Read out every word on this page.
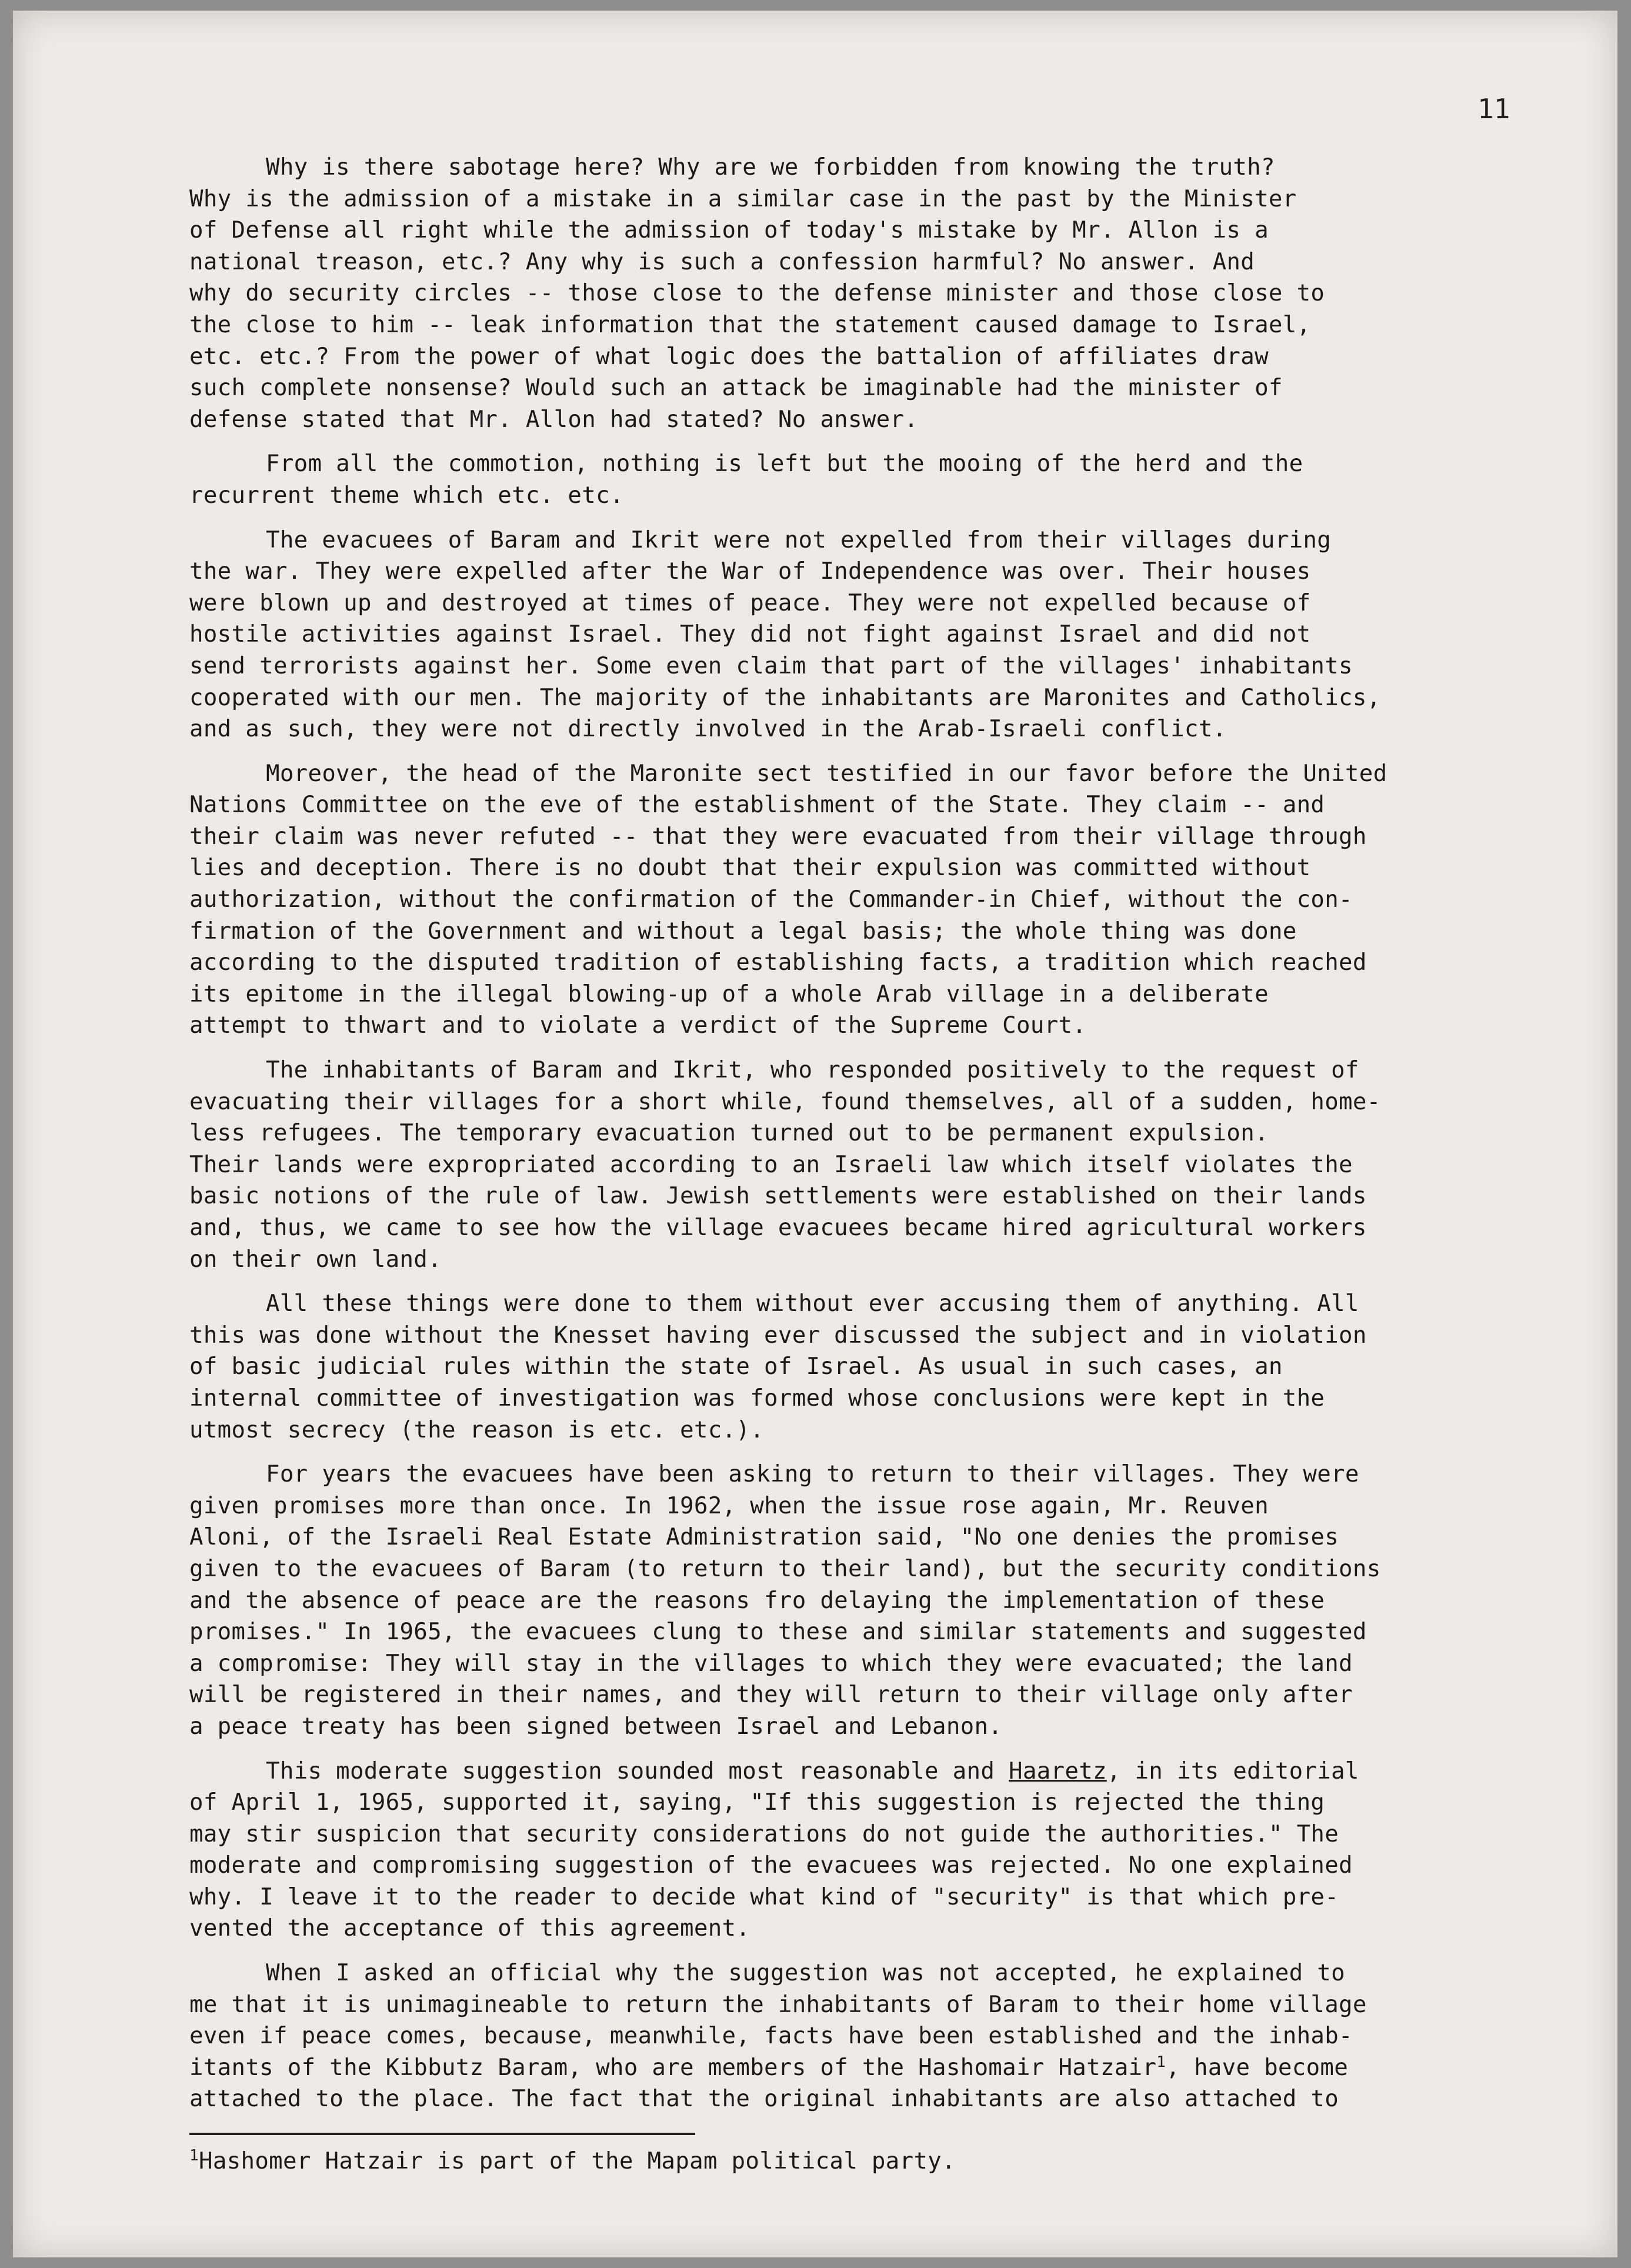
11

Why is there sabotage here? Why are we forbidden from knowing the truth?
Why is the admission of a mistake in a similar case in the past by the Minister
of Defense all right while the admission of today's mistake by Mr. Allon is a
national treason, etc.? Any why is such a confession harmful? No answer. And
why do security circles -- those close to the defense minister and those close to
the close to him -- leak information that the statement caused damage to Israel,
etc. etc.? From the power of what logic does the battalion of affiliates draw
such complete nonsense? Would such an attack be imaginable had the minister of
defense stated that Mr. Allon had stated? No answer.

From all the commotion, nothing is left but the mooing of the herd and the
recurrent theme which etc. etc.

The evacuees of Baram and Ikrit were not expelled from their villages during
the war. They were expelled after the War of Independence was over. Their houses
were blown up and destroyed at times of peace. They were not expelled because of
hostile activities against Israel. They did not fight against Israel and did not
send terrorists against her. Some even claim that part of the villages' inhabitants
cooperated with our men. The majority of the inhabitants are Maronites and Catholics,
and as such, they were not directly involved in the Arab-Israeli conflict.

Moreover, the head of the Maronite sect testified in our favor before the United
Nations Committee on the eve of the establishment of the State. They claim -- and
their claim was never refuted -- that they were evacuated from their village through
lies and deception. There is no doubt that their expulsion was committed without
authorization, without the confirmation of the Commander-in Chief, without the con-
firmation of the Government and without a legal basis; the whole thing was done
according to the disputed tradition of establishing facts, a tradition which reached
its epitome in the illegal blowing-up of a whole Arab village in a deliberate
attempt to thwart and to violate a verdict of the Supreme Court.

The inhabitants of Baram and Ikrit, who responded positively to the request of
evacuating their villages for a short while, found themselves, all of a sudden, home-
less refugees. The temporary evacuation turned out to be permanent expulsion.
Their lands were expropriated according to an Israeli law which itself violates the
basic notions of the rule of law. Jewish settlements were established on their lands
and, thus, we came to see how the village evacuees became hired agricultural workers
on their own land.

All these things were done to them without ever accusing them of anything. All
this was done without the Knesset having ever discussed the subject and in violation
of basic judicial rules within the state of Israel. As usual in such cases, an
internal committee of investigation was formed whose conclusions were kept in the
utmost secrecy (the reason is etc. etc.).

For years the evacuees have been asking to return to their villages. They were
given promises more than once. In 1962, when the issue rose again, Mr. Reuven
Aloni, of the Israeli Real Estate Administration said, "No one denies the promises
given to the evacuees of Baram (to return to their land), but the security conditions
and the absence of peace are the reasons fro delaying the implementation of these
promises." In 1965, the evacuees clung to these and similar statements and suggested
a compromise: They will stay in the villages to which they were evacuated; the land
will be registered in their names, and they will return to their village only after
a peace treaty has been signed between Israel and Lebanon.

This moderate suggestion sounded most reasonable and Haaretz, in its editorial
of April 1, 1965, supported it, saying, "If this suggestion is rejected the thing
may stir suspicion that security considerations do not guide the authorities." The
moderate and compromising suggestion of the evacuees was rejected. No one explained
why. I leave it to the reader to decide what kind of "security" is that which pre-
vented the acceptance of this agreement.

When I asked an official why the suggestion was not accepted, he explained to
me that it is unimagineable to return the inhabitants of Baram to their home village
even if peace comes, because, meanwhile, facts have been established and the inhab-
itants of the Kibbutz Baram, who are members of the Hashomair Hatzair$^1$, have become
attached to the place. The fact that the original inhabitants are also attached to

$^1$Hashomer Hatzair is part of the Mapam political party.
